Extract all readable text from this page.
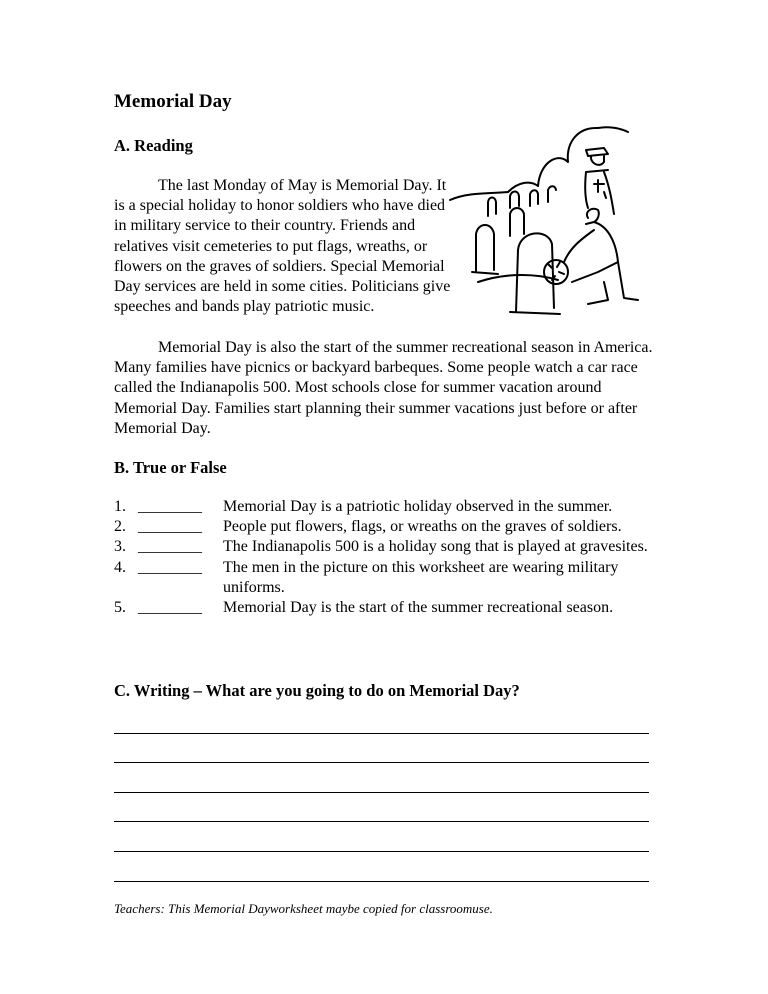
Memorial Day
A. Reading

The last Monday of May is Memorial Day. It is a special holiday to honor soldiers who have died in military service to their country. Friends and relatives visit cemeteries to put flags, wreaths, or flowers on the graves of soldiers. Special Memorial Day services are held in some cities. Politicians give speeches and bands play patriotic music.

Memorial Day is also the start of the summer recreational season in America. Many families have picnics or backyard barbeques. Some people watch a car race called the Indianapolis 500. Most schools close for summer vacation around Memorial Day. Families start planning their summer vacations just before or after Memorial Day.

B. True or False
1. ________	Memorial Day is a patriotic holiday observed in the summer.
2. ________	People put flowers, flags, or wreaths on the graves of soldiers.
3. ________	The Indianapolis 500 is a holiday song that is played at gravesites.
4. ________	The men in the picture on this worksheet are wearing military uniforms.
5. ________	Memorial Day is the start of the summer recreational season.
C. Writing – What are you going to do on Memorial Day?

Teachers: This Memorial Dayworksheet maybe copied for classroomuse.
